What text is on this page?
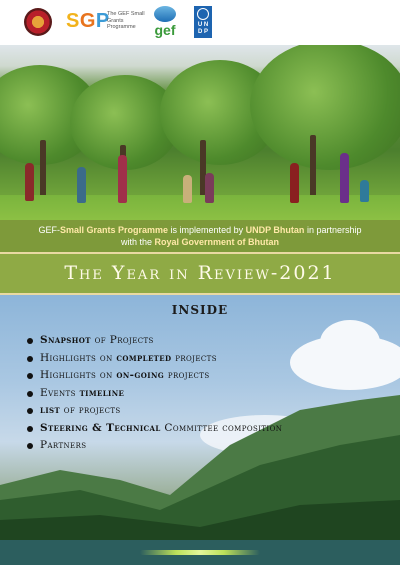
SGP
The GEF Small Grants Programme	gef	U N
D P
GEF-Small Grants Programme is implemented by UNDP Bhutan in partnership
with the Royal Government of Bhutan
The Year in Review-2021
INSIDE
Snapshot of Projects
Highlights on completed projects
Highlights on on-going projects
Events timeline
list of projects
Steering & Technical Committee composition
Partners
